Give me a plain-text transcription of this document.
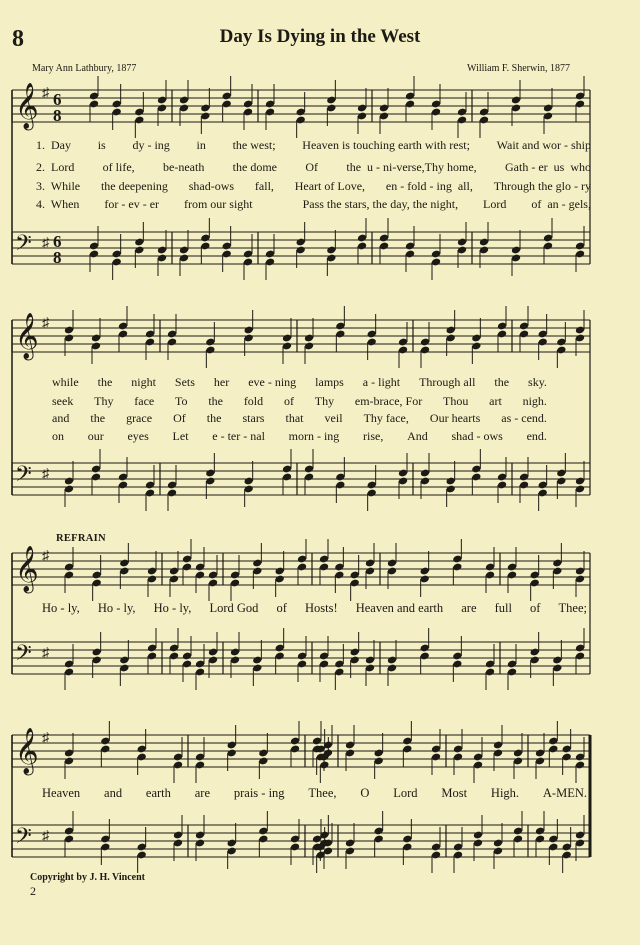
8	Day Is Dying in the West
Mary Ann Lathbury, 1877	William F. Sherwin, 1877
𝄞 ♯ 6
8
𝄢 ♯ 6
8
𝄞 ♯
𝄢 ♯
𝄞 ♯
𝄢 ♯
𝄞 ♯
𝄢 ♯
1.  Day is dy - ing in the west; Heaven is touching earth with rest; Wait and wor - ship
2.  Lord of life, be-neath the dome Of the  u - ni-verse,Thy home, Gath - er  us  who
3.  While the deepening shad-ows fall, Heart of Love, en - fold - ing  all, Through the glo - ry
4.  When for - ev - er from our sight	Pass the stars, the day, the night, Lord of  an - gels,
while the night Sets her eve - ning lamps a - light Through all the sky.
seek Thy face To the fold of Thy em-brace, For Thou art nigh.
and the grace Of the stars that veil Thy face, Our hearts as - cend.
on our eyes Let e - ter - nal morn - ing rise, And shad - ows end.
REFRAIN
Ho - ly, Ho - ly, Ho - ly, Lord God of Hosts! Heaven and earth are full of Thee;
Heaven and earth are prais - ing Thee, O Lord Most High. A-MEN.
Copyright by J. H. Vincent
2
